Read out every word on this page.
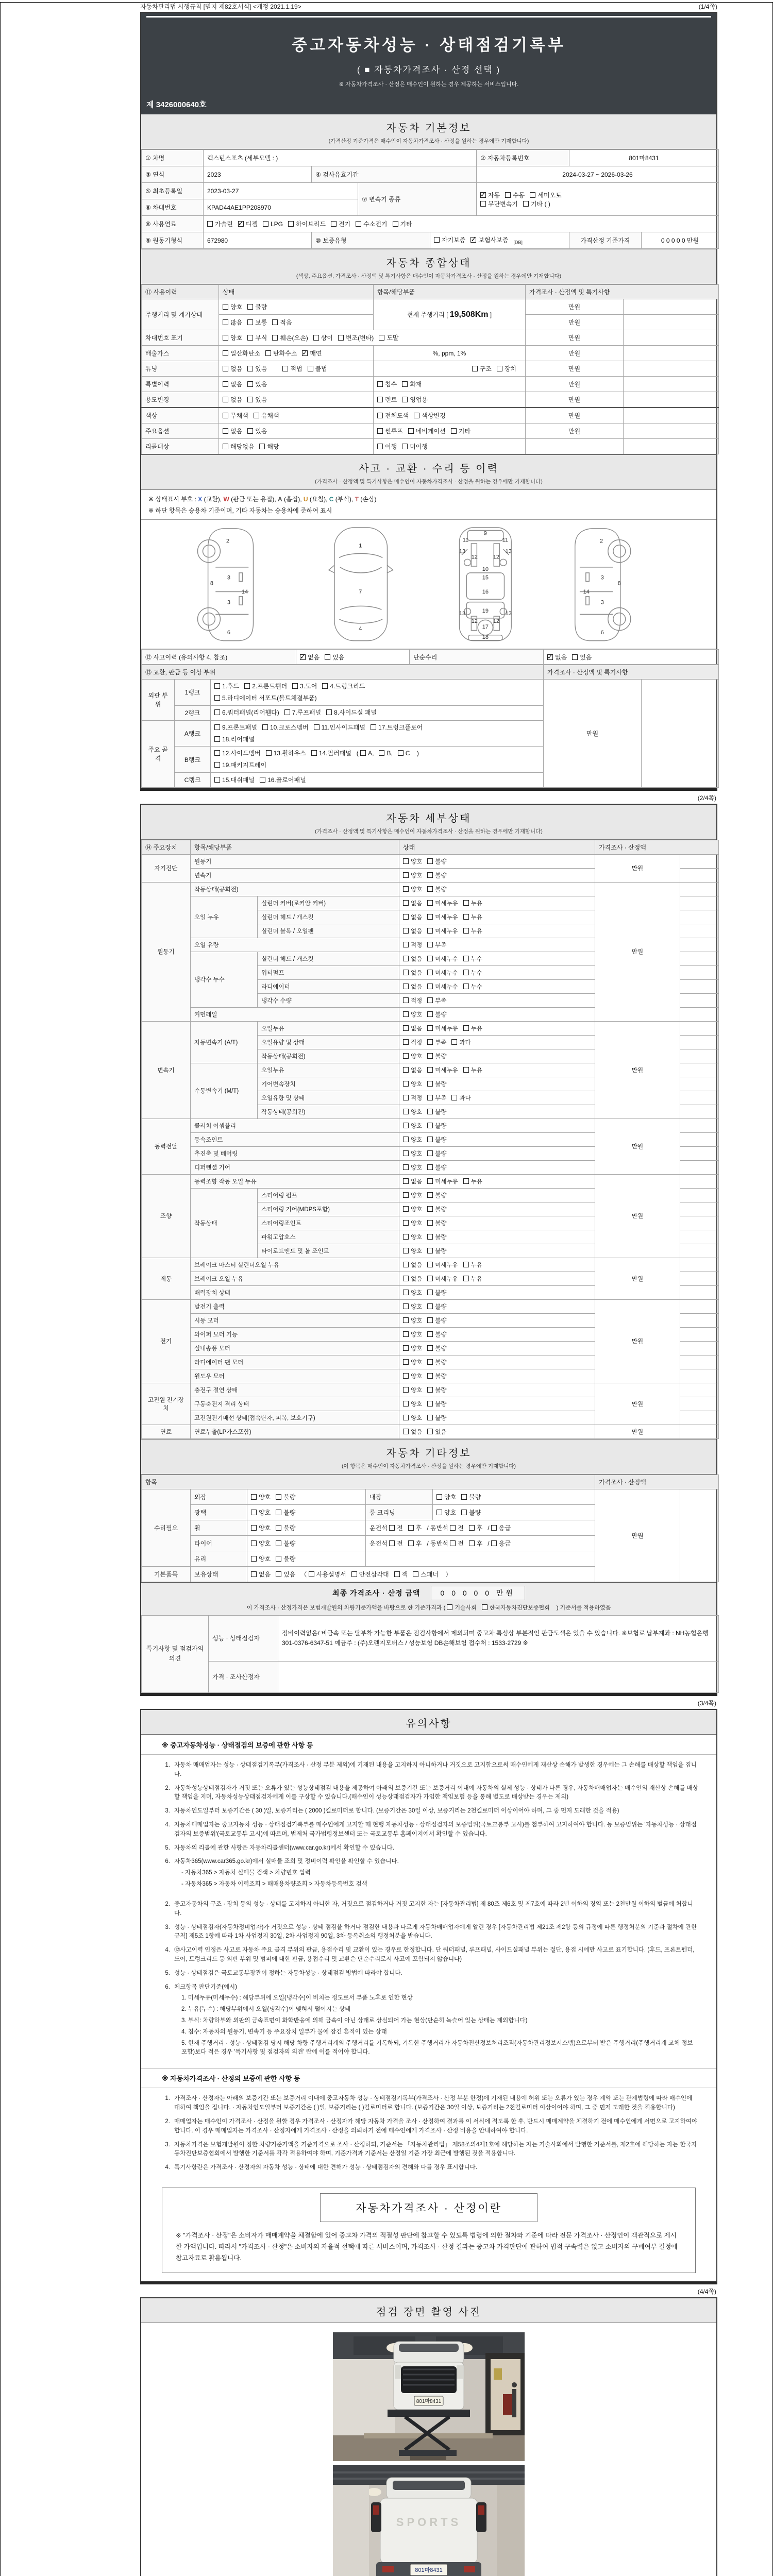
자동차관리법 시행규칙 [별지 제82호서식] <개정 2021.1.19>	(1/4쪽)
중고자동차성능 · 상태점검기록부
( ■ 자동차가격조사 · 산정 선택 )
※ 자동차가격조사 · 산정은 매수인이 원하는 경우 제공하는 서비스입니다.
제 3426000640호
자동차 기본정보
(가격산정 기준가격은 매수인이 자동차가격조사 · 산정을 원하는 경우에만 기재합니다)
① 차명	렉스턴스포츠 (세부모델 : )				② 자동차등록번호	801마8431	
③ 연식	2023	④ 검사유효기간			2024-03-27 ~ 2026-03-26		
⑤ 최초등록일	2023-03-27		⑦ 변속기 종류	✓자동 수동 세미오토
무단변속기 기타 ( )
⑥ 차대번호	KPAD44AE1PP208970						
⑧ 사용연료	가솔린 ✓ 디젤 LPG 하이브리드 전기 수소전기 기타
⑨ 원동기형식	672980	⑩ 보증유형		자기보증 ✓ 보험사보증 $_{[DB]}$		가격산정 기준가격	0 0 0 0 0 만원
자동차 종합상태
(색상, 주요옵션, 가격조사 · 산정액 및 특기사항은 매수인이 자동차가격조사 · 산정을 원하는 경우에만 기재합니다)
⑪ 사용이력	상태	항목/해당부품	가격조사 · 산정액 및 특기사항	
주행거리 및 계기상태	양호 불량	현재 주행거리 [ 19,508Km ]	만원	
	많음 보통 적음		만원	
차대번호 표기	양호 부식 훼손(오손) 상이 변조(변타) 도말		만원	
배출가스	일산화탄소 탄화수소 ✓ 매연	%, ppm, 1%	만원	
튜닝	없음 있음 적법 불법	구조 장치	만원	
특별이력	없음 있음	침수 화재	만원	
용도변경	없음 있음	렌트 영업용	만원	
색상	무채색 유채색	전체도색 색상변경	만원	
주요옵션	없음 있음	썬루프 네비게이션 기타	만원	
리콜대상	해당없음 해당	이행 미이행		
사고 · 교환 · 수리 등 이력
(가격조사 · 산정액 및 특기사항은 매수인이 자동차가격조사 · 산정을 원하는 경우에만 기재합니다)
※ 상태표시 부호 : X (교환), W (판금 또는 용접), A (흠집), U (요철), C (부식), T (손상)
※ 하단 항목은 승용차 기준이며, 기타 자동차는 승용차에 준하여 표시
2
8
3
3
14
6
1
7
4
9
11	11
13	13
12 12
10
15
16
19
13	13
12 12
17
18
2
8
3
3
14
6
⑫ 사고이력 (유의사항 4. 참조)	✓없음 있음	단순수리	✓없음 있음
⑬ 교환, 판금 등 이상 부위			가격조사 · 산정액 및 특기사항	
외판 부위	1랭크	1.후드 2.프론트휀더 3.도어 4.트렁크리드
5.라디에이터 서포트(볼트체결부품)	만원	
	2랭크	6.쿼터패널(리어휀다) 7.루프패널 8.사이드실 패널		
주요 골격	A랭크	9.프론트패널 10.크로스멤버 11.인사이드패널 17.트렁크플로어
18.리어패널		
	B랭크	12.사이드멤버 13.휠하우스 14.필러패널 ( A, B, C )
19.패키지트레이		
	C랭크	15.대쉬패널 16.플로어패널		
(2/4쪽)
자동차 세부상태
(가격조사 · 산정액 및 특기사항은 매수인이 자동차가격조사 · 산정을 원하는 경우에만 기재합니다)
⑭ 주요장치	항목/해당부품		상태	가격조사 · 산정액	
자기진단	원동기		양호 불량	만원	
	변속기		양호 불량		
원동기	작동상태(공회전)		양호 불량	만원	
	오일 누유	실린더 커버(로커암 커버)	없음 미세누유 누유		
		실린더 헤드 / 개스킷	없음 미세누유 누유		
		실린더 블록 / 오일팬	없음 미세누유 누유		
	오일 유량		적정 부족		
	냉각수 누수	실린더 헤드 / 개스킷	없음 미세누수 누수		
		워터펌프	없음 미세누수 누수		
		라디에이터	없음 미세누수 누수		
		냉각수 수량	적정 부족		
	커먼레일		양호 불량		
변속기	자동변속기 (A/T)	오일누유	없음 미세누유 누유	만원	
		오일유량 및 상태	적정 부족 과다		
		작동상태(공회전)	양호 불량		
	수동변속기 (M/T)	오일누유	없음 미세누유 누유		
		기어변속장치	양호 불량		
		오일유량 및 상태	적정 부족 과다		
		작동상태(공회전)	양호 불량		
동력전달	클러치 어셈블리		양호 불량	만원	
	등속조인트		양호 불량		
	추진축 및 베어링		양호 불량		
	디퍼렌셜 기어		양호 불량		
조향	동력조향 작동 오일 누유		없음 미세누유 누유	만원	
	작동상태	스티어링 펌프	양호 불량		
		스티어링 기어(MDPS포함)	양호 불량		
		스티어링조인트	양호 불량		
		파워고압호스	양호 불량		
		타이로드엔드 및 볼 조인트	양호 불량		
제동	브레이크 마스터 실린더오일 누유		없음 미세누유 누유	만원	
	브레이크 오일 누유		없음 미세누유 누유		
	배력장치 상태		양호 불량		
전기	발전기 출력		양호 불량	만원	
	시동 모터		양호 불량		
	와이퍼 모터 기능		양호 불량		
	실내송풍 모터		양호 불량		
	라디에이터 팬 모터		양호 불량		
	윈도우 모터		양호 불량		
고전원 전기장치	충전구 절연 상태		양호 불량	만원	
	구동축전지 격리 상태		양호 불량		
	고전원전기배선 상태(접속단자, 피복, 보호기구)		양호 불량		
연료	연료누출(LP가스포함)		없음 있음	만원	
자동차 기타정보
(이 항목은 매수인이 자동차가격조사 · 산정을 원하는 경우에만 기재합니다)
항목					가격조사 · 산정액	
수리필요	외장	양호 불량	내장	양호 불량	만원	
	광택	양호 불량	룸 크리닝	양호 불량		
	휠	양호 불량	운전석 전 후 / 동반석 전 후 / 응급			
	타이어	양호 불량	운전석 전 후 / 동반석 전 후 / 응급			
	유리	양호 불량				
기본품목	보유상태	없음 있음 （ 사용설명서 안전삼각대 잭 스패너 ）				
최종 가격조사 · 산정 금액	0 0 0 0 0 만원
이 가격조사 · 산정가격은 보험개발원의 차량기준가액을 바탕으로 한 기준가격과 ( 기술사회 한국자동차진단보증협회 ) 기준서를 적용하였음
특기사항 및 점검자의 의견	성능 · 상태점검자	정비이력없음/ 비금속 또는 탈부착 가능한 부품은 점검사항에서 제외되며 중고차 특성상 부분적인 판금도색은 있을 수 있습니다. ※보험료 납부계좌 : NH농협은행 301-0376-6347-51 예금주 : (주)오렌지모터스 / 성능보험 DB손해보험 접수처 : 1533-2729 ※
	가격 · 조사산정자	
(3/4쪽)
유의사항
※ 중고자동차성능 · 상태점검의 보증에 관한 사항 등
1. 자동차 매매업자는 성능 · 상태점검기록부(가격조사 · 산정 부분 제외)에 기재된 내용을 고지하지 아니하거나 거짓으로 고지함으로써 매수인에게 재산상 손해가 발생한 경우에는 그 손해를 배상할 책임을 집니다.
2. 자동차성능상태점검자가 거짓 또는 오류가 있는 성능상태점검 내용을 제공하여 아래의 보증기간 또는 보증거리 이내에 자동차의 실제 성능 · 상태가 다른 경우, 자동차매매업자는 매수인의 재산상 손해를 배상할 책임을 지며, 자동차성능상태점검자에게 이를 구상할 수 있습니다.(매수인이 성능상태점검자가 가입한 책임보험 등을 통해 별도로 배상받는 경우는 제외)
3. 자동차인도일부터 보증기간은 ( 30 )일, 보증거리는 ( 2000 )킬로미터로 합니다. (보증기간은 30일 이상, 보증거리는 2천킬로미터 이상이어야 하며, 그 중 먼저 도래한 것을 적용)
4. 자동차매매업자는 중고자동차 성능 · 상태점검기록부를 매수인에게 고지할 때 현행 자동차성능 · 상태점검자의 보증범위(국토교통부 고시)를 첨부하여 고지하여야 합니다. 동 보증범위는 '자동차성능 · 상태점검자의 보증범위'(국토교통부 고시)에 따르며, 법제처 국가법령정보센터 또는 국토교통부 홈페이지에서 확인할 수 있습니다.
5. 자동차의 리콜에 관한 사항은 자동차리콜센터(www.car.go.kr)에서 확인할 수 있습니다.
6. 자동차365(www.car365.go.kr)에서 실매물 조회 및 정비이력 확인을 확인할 수 있습니다.
- 자동차365 > 자동차 실매물 검색 > 차량번호 입력
- 자동차365 > 자동차 이력조회 > 매매용차량조회 > 자동차등록번호 검색
2. 중고자동차의 구조 · 장치 등의 성능 · 상태를 고지하지 아니한 자, 거짓으로 점검하거나 거짓 고지한 자는 [자동차관리법] 제 80조 제6호 및 제7호에 따라 2년 이하의 징역 또는 2천만원 이하의 벌금에 처합니다.
3. 성능 · 상태점검자(자동차정비업자)가 거짓으로 성능 · 상태 점검을 하거나 점검한 내용과 다르게 자동차매매업자에게 알린 경우 [자동차관리법 제21조 제2항 등의 규정에 따른 행정처분의 기준과 절차에 관한 규칙] 제5조 1항에 따라 1차 사업정지 30일, 2차 사업정지 90일, 3차 등록취소의 행정처분을 받습니다.
4. ⑫사고이력 인정은 사고로 자동차 주요 골격 부위의 판금, 용접수리 및 교환이 있는 경우로 한정합니다. 단 쿼터패널, 루프패널, 사이드실패널 부위는 절단, 용접 시에만 사고로 표기합니다. (후드, 프론트펜더, 도어, 트렁크리드 등 외판 부위 및 범퍼에 대한 판금, 용접수리 및 교환은 단순수리로서 사고에 포함되지 않습니다)
5. 성능 · 상태점검은 국토교통부장관이 정하는 자동차성능 · 상태점검 방법에 따라야 합니다.
6. 체크항목 판단기준(예시)
1. 미세누유(미세누수) : 해당부위에 오일(냉각수)이 비치는 정도로서 부품 노후로 인한 현상
2. 누유(누수) : 해당부위에서 오일(냉각수)이 맺혀서 떨어지는 상태
3. 부식: 차량하부와 외판의 금속표면이 화학반응에 의해 금속이 아닌 상태로 상실되어 가는 현상(단순히 녹슬어 있는 상태는 제외합니다)
4. 침수: 자동차의 원동기, 변속기 등 주요장치 일부가 물에 잠긴 흔적이 있는 상태
5. 현재 주행거리 · 성능 · 상태점검 당시 해당 차량 주행거리계의 주행거리를 기록하되, 기록한 주행거리가 자동차전산정보처리조직(자동차관리정보시스템)으로부터 받은 주행거리(주행거리계 교체 정보 포함)보다 적은 경우 '특기사항 및 점검자의 의견' 란에 이를 적어야 합니다.
※ 자동차가격조사 · 산정의 보증에 관한 사항 등
1. 가격조사 · 산정자는 아래의 보증기간 또는 보증거리 이내에 중고자동차 성능 · 상태점검기록부(가격조사 · 산정 부분 한정)에 기재된 내용에 허위 또는 오류가 있는 경우 계약 또는 관계법령에 따라 매수인에 대하여 책임을 집니다. · 자동차인도일부터 보증기간은 ( )일, 보증거리는 ( )킬로미터로 합니다. (보증기간은 30일 이상, 보증거리는 2천킬로미터 이상이어야 하며, 그 중 먼저 도래한 것을 적용합니다)
2. 매매업자는 매수인이 가격조사 · 산정을 원할 경우 가격조사 · 산정자가 해당 자동차 가격을 조사 · 산정하여 결과를 이 서식에 적도록 한 후, 반드시 매매계약을 체결하기 전에 매수인에게 서면으로 고지하여야 합니다. 이 경우 매매업자는 가격조사 · 산정자에게 가격조사 · 산정을 의뢰하기 전에 매수인에게 가격조사 · 산정 비용을 안내하여야 합니다.
3. 자동차가격은 보험개발원이 정한 차량기준가액을 기준가격으로 조사 · 산정하되, 기준서는 「자동차관리법」 제58조의4제1호에 해당하는 자는 기술사회에서 발행한 기준서를, 제2호에 해당하는 자는 한국자동차진단보증협회에서 발행한 기준서를 각각 적용하여야 하며, 기준가격과 기준서는 산정일 기준 가장 최근에 발행된 것을 적용합니다.
4. 특기사항란은 가격조사 · 산정자의 자동차 성능 · 상태에 대한 견해가 성능 · 상태점검자의 견해와 다를 경우 표시합니다.
자동차가격조사 · 산정이란
※ "가격조사 · 산정"은 소비자가 매매계약을 체결함에 있어 중고차 가격의 적절성 판단에 참고할 수 있도록 법령에 의한 절차와 기준에 따라 전문 가격조사 · 산정인이 객관적으로 제시한 가액입니다. 따라서 "가격조사 · 산정"은 소비자의 자율적 선택에 따른 서비스이며, 가격조사 · 산정 결과는 중고차 가격판단에 관하여 법적 구속력은 없고 소비자의 구매여부 결정에 참고자료로 활용됩니다.
(4/4쪽)
점검 장면 촬영 사진
801마8431
SPORTS
801마8431
